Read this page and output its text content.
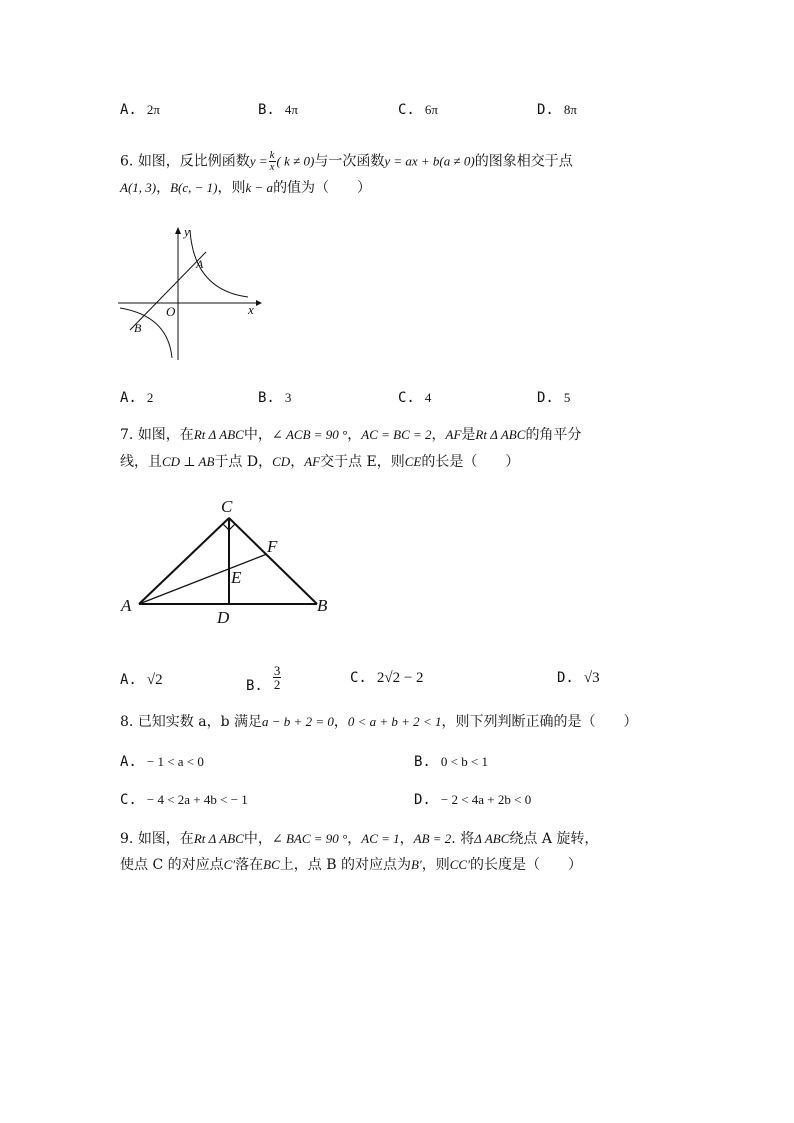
A. 2π	B. 4π	C. 6π	D. 8π
6. 如图，反比例函数$y = \frac{k}{x}$ ( k ≠ 0)与一次函数y = ax + b(a ≠ 0)的图象相交于点
A(1, 3)，B(c, − 1)，则k − a的值为（　　）
y
x
O
A
B
A. 2	B. 3	C. 4	D. 5
7. 如图，在Rt Δ ABC中，∠ ACB = 90 °，AC = BC = 2，AF是Rt Δ ABC的角平分
线，且CD ⊥ AB于点 D，CD，AF交于点 E，则CE的长是（　　）
C
A	B
D
E
F
A. √2	B. $\frac{3}{2}$	C. 2√2 − 2	D. √3
8. 已知实数 a，b 满足a − b + 2 = 0，0 < a + b + 2 < 1，则下列判断正确的是（　　）
A. − 1 < a < 0	B. 0 < b < 1
C. − 4 < 2a + 4b < − 1	D. − 2 < 4a + 2b < 0
9. 如图，在Rt Δ ABC中，∠ BAC = 90 °，AC = 1，AB = 2. 将Δ ABC绕点 A 旋转，
使点 C 的对应点C′落在BC上，点 B 的对应点为B′，则CC′的长度是（　　）
